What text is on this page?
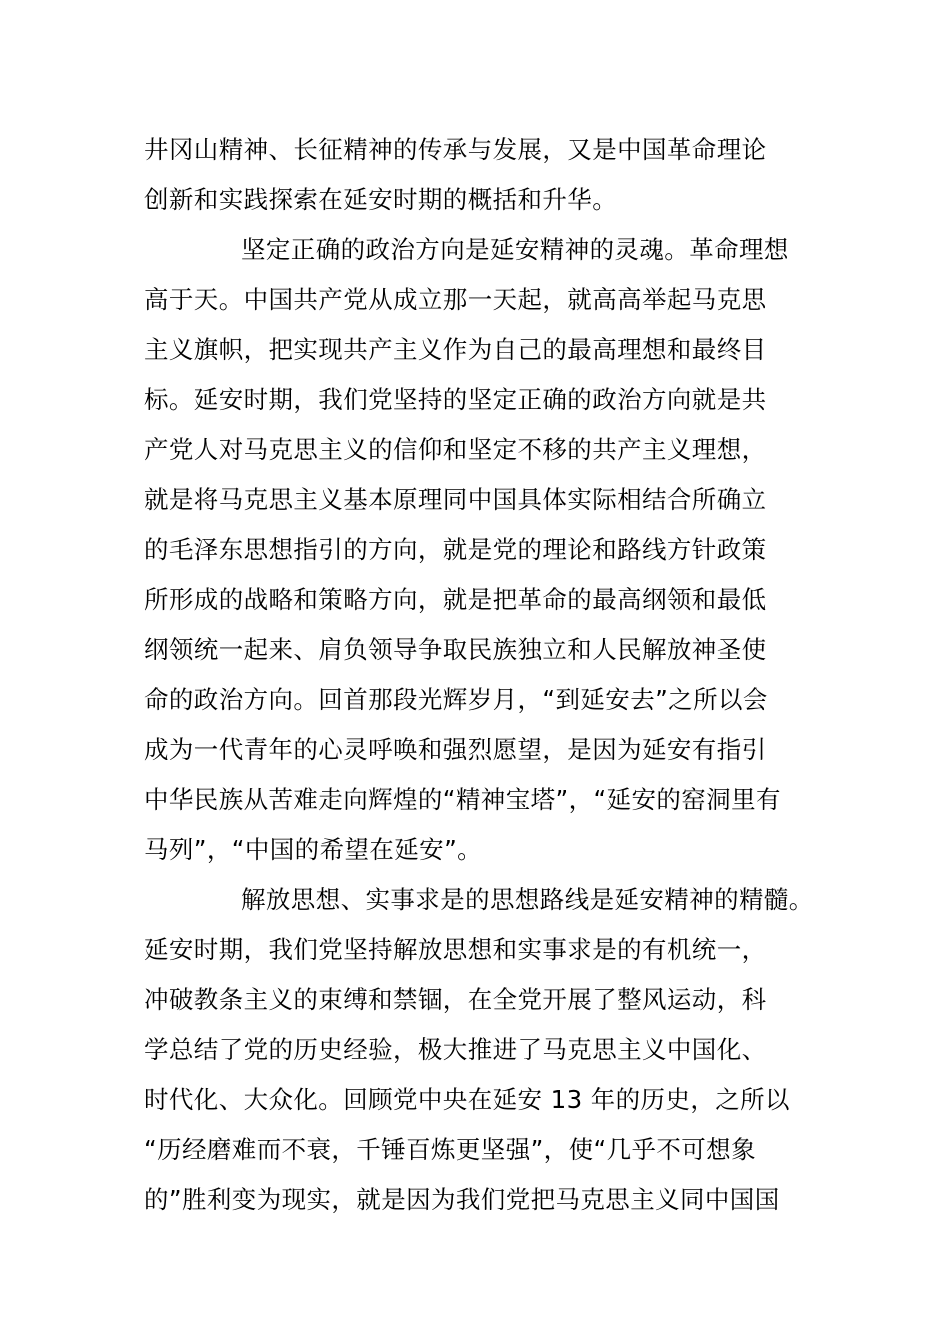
井冈山精神、长征精神的传承与发展，又是中国革命理论
创新和实践探索在延安时期的概括和升华。
坚定正确的政治方向是延安精神的灵魂。革命理想
高于天。中国共产党从成立那一天起，就高高举起马克思
主义旗帜，把实现共产主义作为自己的最高理想和最终目
标。延安时期，我们党坚持的坚定正确的政治方向就是共
产党人对马克思主义的信仰和坚定不移的共产主义理想，
就是将马克思主义基本原理同中国具体实际相结合所确立
的毛泽东思想指引的方向，就是党的理论和路线方针政策
所形成的战略和策略方向，就是把革命的最高纲领和最低
纲领统一起来、肩负领导争取民族独立和人民解放神圣使
命的政治方向。回首那段光辉岁月，“到延安去”之所以会
成为一代青年的心灵呼唤和强烈愿望，是因为延安有指引
中华民族从苦难走向辉煌的“精神宝塔”，“延安的窑洞里有
马列”，“中国的希望在延安”。
解放思想、实事求是的思想路线是延安精神的精髓。
延安时期，我们党坚持解放思想和实事求是的有机统一，
冲破教条主义的束缚和禁锢，在全党开展了整风运动，科
学总结了党的历史经验，极大推进了马克思主义中国化、
时代化、大众化。回顾党中央在延安 13 年的历史，之所以
“历经磨难而不衰，千锤百炼更坚强”，使“几乎不可想象
的”胜利变为现实，就是因为我们党把马克思主义同中国国
